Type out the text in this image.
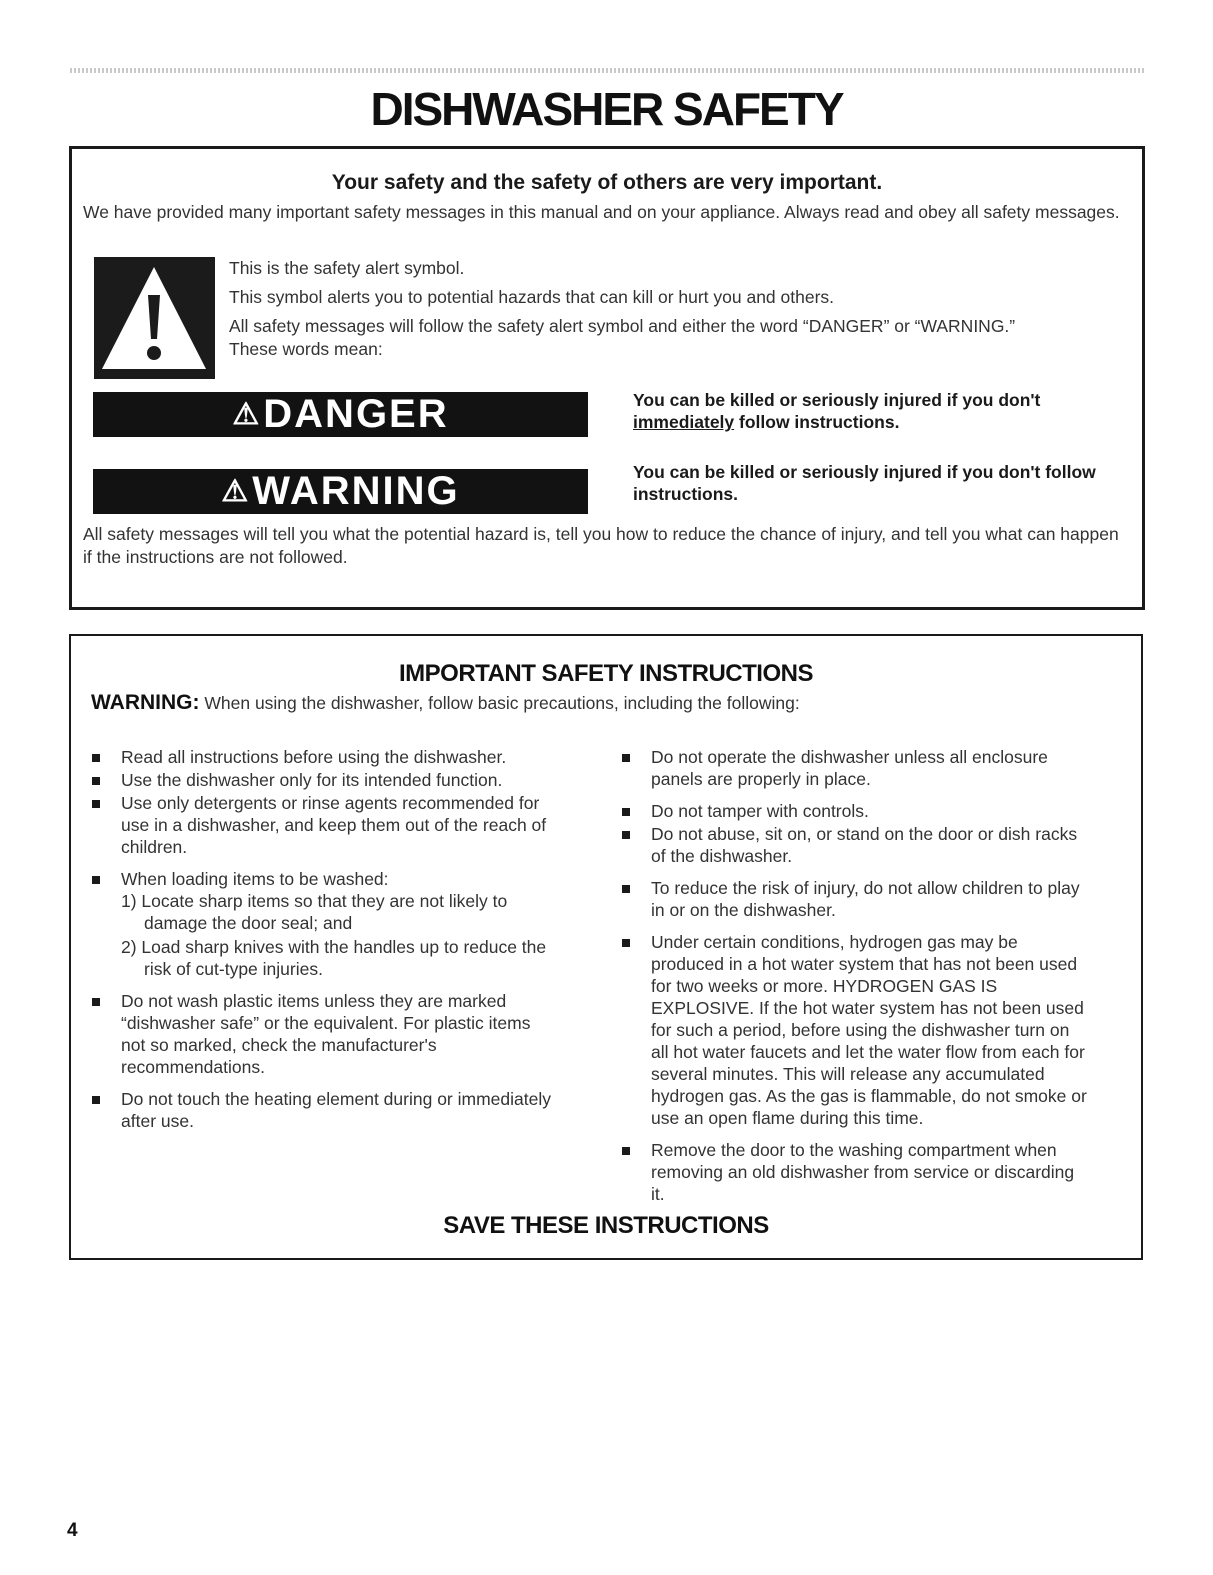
DISHWASHER SAFETY
Your safety and the safety of others are very important.
We have provided many important safety messages in this manual and on your appliance. Always read and obey all safety messages.

This is the safety alert symbol.

This symbol alerts you to potential hazards that can kill or hurt you and others.

All safety messages will follow the safety alert symbol and either the word “DANGER” or “WARNING.” These words mean:

⚠DANGER	You can be killed or seriously injured if you don't immediately follow instructions.
⚠WARNING	You can be killed or seriously injured if you don't follow instructions.
All safety messages will tell you what the potential hazard is, tell you how to reduce the chance of injury, and tell you what can happen if the instructions are not followed.
IMPORTANT SAFETY INSTRUCTIONS
WARNING: When using the dishwasher, follow basic precautions, including the following:
Read all instructions before using the dishwasher.
Use the dishwasher only for its intended function.
Use only detergents or rinse agents recommended for use in a dishwasher, and keep them out of the reach of children.
When loading items to be washed:
1) Locate sharp items so that they are not likely to damage the door seal; and
2) Load sharp knives with the handles up to reduce the risk of cut-type injuries.
Do not wash plastic items unless they are marked “dishwasher safe” or the equivalent. For plastic items not so marked, check the manufacturer's recommendations.
Do not touch the heating element during or immediately after use.
Do not operate the dishwasher unless all enclosure panels are properly in place.
Do not tamper with controls.
Do not abuse, sit on, or stand on the door or dish racks of the dishwasher.
To reduce the risk of injury, do not allow children to play in or on the dishwasher.
Under certain conditions, hydrogen gas may be produced in a hot water system that has not been used for two weeks or more. HYDROGEN GAS IS EXPLOSIVE. If the hot water system has not been used for such a period, before using the dishwasher turn on all hot water faucets and let the water flow from each for several minutes. This will release any accumulated hydrogen gas. As the gas is flammable, do not smoke or use an open flame during this time.
Remove the door to the washing compartment when removing an old dishwasher from service or discarding it.
SAVE THESE INSTRUCTIONS
4
